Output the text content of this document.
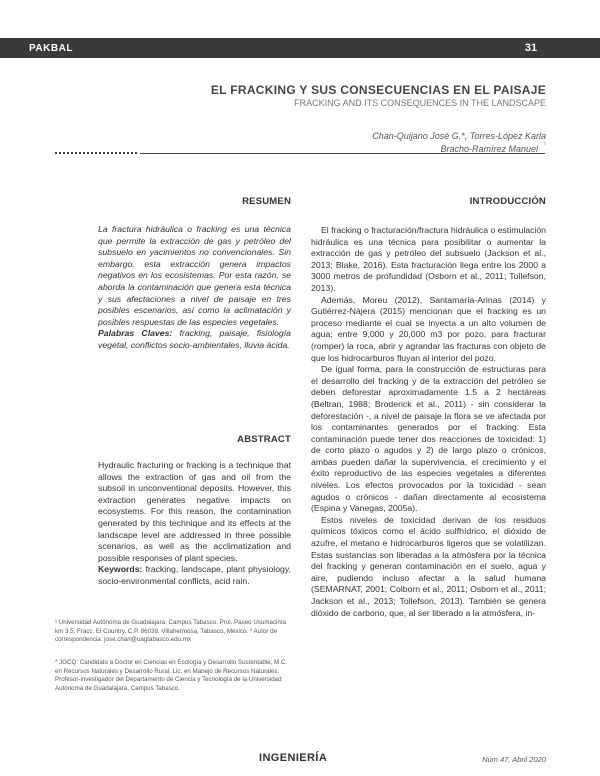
PAKBAL	31
EL FRACKING Y SUS CONSECUENCIAS EN EL PAISAJE
FRACKING AND ITS CONSEQUENCES IN THE LANDSCAPE
Chan-Quijano José G.*, Torres-López Karla
Bracho-Ramírez Manuel ¹
RESUMEN

La fractura hidráulica o fracking es una técnica que permite la extracción de gas y petróleo del subsuelo en yacimientos no convencionales. Sin embargo, esta extracción genera impactos negativos en los ecosistemas. Por esta razón, se aborda la contaminación que genera esta técnica y sus afectaciones a nivel de paisaje en tres posibles escenarios, así como la aclimatación y posibles respuestas de las especies vegetales.

Palabras Claves: fracking, paisaje, fisiología vegetal, conflictos socio-ambientales, lluvia ácida.

ABSTRACT

Hydraulic fracturing or fracking is a technique that allows the extraction of gas and oil from the subsoil in unconventional deposits. However, this extraction generates negative impacts on ecosystems. For this reason, the contamination generated by this technique and its effects at the landscape level are addressed in three possible scenarios, as well as the acclimatization and possible responses of plant species.

Keywords: fracking, landscape, plant physiology, socio-environmental conflicts, acid rain.

¹ Universidad Autónoma de Guadalajara, Campus Tabasco. Prol. Paseo Usumacinta km 3.5, Fracc. El Country, C.P. 86039, Villahermosa, Tabasco, México. * Autor de correspondencia: jose.chan@uagtabasco.edu.mx
* JGCQ: Candidato a Doctor en Ciencias en Ecología y Desarrollo Sustentable, M.C. en Recursos Naturales y Desarrollo Rural, Lic. en Manejo de Recursos Naturales. Profesor-investigador del Departamento de Ciencia y Tecnología de la Universidad Autónoma de Guadalajara, Campus Tabasco.
INTRODUCCIÓN

El fracking o fracturación/fractura hidráulica o estimulación hidráulica es una técnica para posibilitar o aumentar la extracción de gas y petróleo del subsuelo (Jackson et al., 2013; Blake, 2016). Esta fracturación llega entre los 2000 a 3000 metros de profundidad (Osborn et al., 2011; Tollefson, 2013).

Además, Moreu (2012), Santamaría-Arinas (2014) y Gutiérrez-Nájera (2015) mencionan que el fracking es un proceso mediante el cual se inyecta a un alto volumen de agua; entre 9,000 y 20,000 m3 por pozo, para fracturar (romper) la roca, abrir y agrandar las fracturas con objeto de que los hidrocarburos fluyan al interior del pozo.

De igual forma, para la construcción de estructuras para el desarrollo del fracking y de la extracción del petróleo se deben deforestar aproximadamente 1.5 a 2 hectáreas (Beltran, 1988; Broderick et al., 2011) - sin considerar la deforestación -, a nivel de paisaje la flora se ve afectada por los contaminantes generados por el fracking. Esta contaminación puede tener dos reacciones de toxicidad: 1) de corto plazo o agudos y 2) de largo plazo o crónicos, ambas pueden dañar la supervivencia, el crecimiento y el éxito reproductivo de las especies vegetales a diferentes niveles. Los efectos provocados por la toxicidad - sean agudos o crónicos - dañan directamente al ecosistema (Espina y Vanegas, 2005a).

Estos niveles de toxicidad derivan de los residuos químicos tóxicos como el ácido sulfhídrico, el dióxido de azufre, el metano e hidrocarburos ligeros que se volatilizan. Estas sustancias son liberadas a la atmósfera por la técnica del fracking y generan contaminación en el suelo, agua y aire, pudiendo incluso afectar a la salud humana (SEMARNAT, 2001; Colborn et al., 2011; Osborn et al., 2011; Jackson et al., 2013; Tollefson, 2013). También se genera dióxido de carbono, que, al ser liberado a la atmósfera, in-

INGENIERÍA	Núm 47, Abril 2020
